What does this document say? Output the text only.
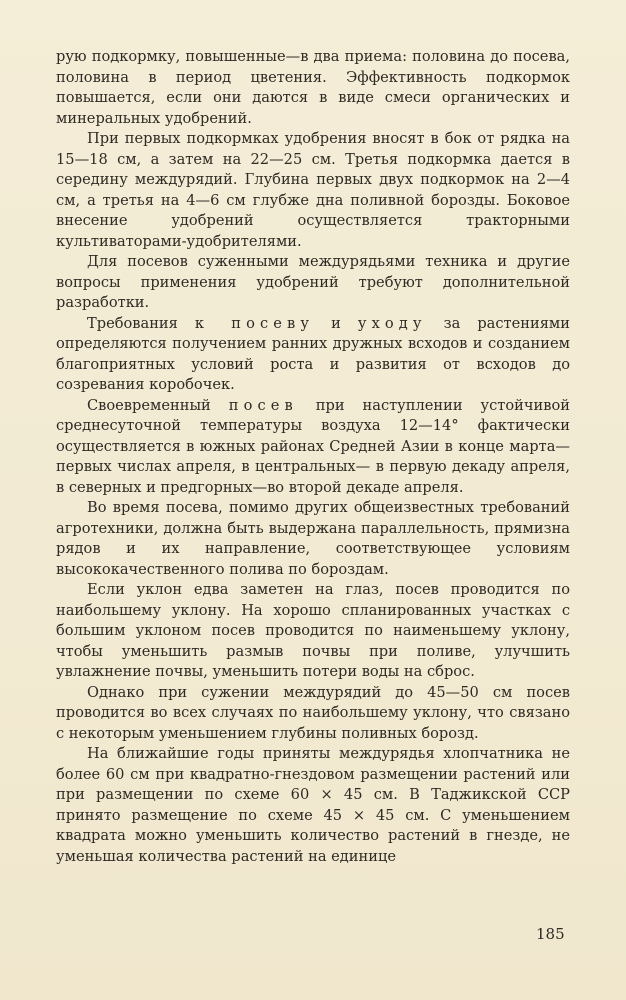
рую подкормку, повышенные—в два приема: половина до посева, половина в период цветения. Эффективность подкормок повышается, если они даются в виде смеси органических и минеральных удобрений.

При первых подкормках удобрения вносят в бок от рядка на 15—18 см, а затем на 22—25 см. Третья подкормка дается в середину междурядий. Глубина первых двух подкормок на 2—4 см, а третья на 4—6 см глубже дна поливной борозды. Боковое внесение удобрений осуществляется тракторными культиваторами-удобрителями.

Для посевов суженными междурядьями техника и другие вопросы применения удобрений требуют дополнительной разработки.

Требования к посеву и уходу за растениями определяются получением ранних дружных всходов и созданием благоприятных условий роста и развития от всходов до созревания коробочек.

Своевременный посев при наступлении устойчивой среднесуточной температуры воздуха 12—14° фактически осуществляется в южных районах Средней Азии в конце марта—первых числах апреля, в центральных— в первую декаду апреля, в северных и предгорных—во второй декаде апреля.

Во время посева, помимо других общеизвестных требований агротехники, должна быть выдержана параллельность, прямизна рядов и их направление, соответствующее условиям высококачественного полива по бороздам.

Если уклон едва заметен на глаз, посев проводится по наибольшему уклону. На хорошо спланированных участках с большим уклоном посев проводится по наименьшему уклону, чтобы уменьшить размыв почвы при поливе, улучшить увлажнение почвы, уменьшить потери воды на сброс.

Однако при сужении междурядий до 45—50 см посев проводится во всех случаях по наибольшему уклону, что связано с некоторым уменьшением глубины поливных борозд.

На ближайшие годы приняты междурядья хлопчатника не более 60 см при квадратно-гнездовом размещении растений или при размещении по схеме 60 × 45 см. В Таджикской ССР принято размещение по схеме 45 × 45 см. С уменьшением квадрата можно уменьшить количество растений в гнезде, не уменьшая количества растений на единице

185
